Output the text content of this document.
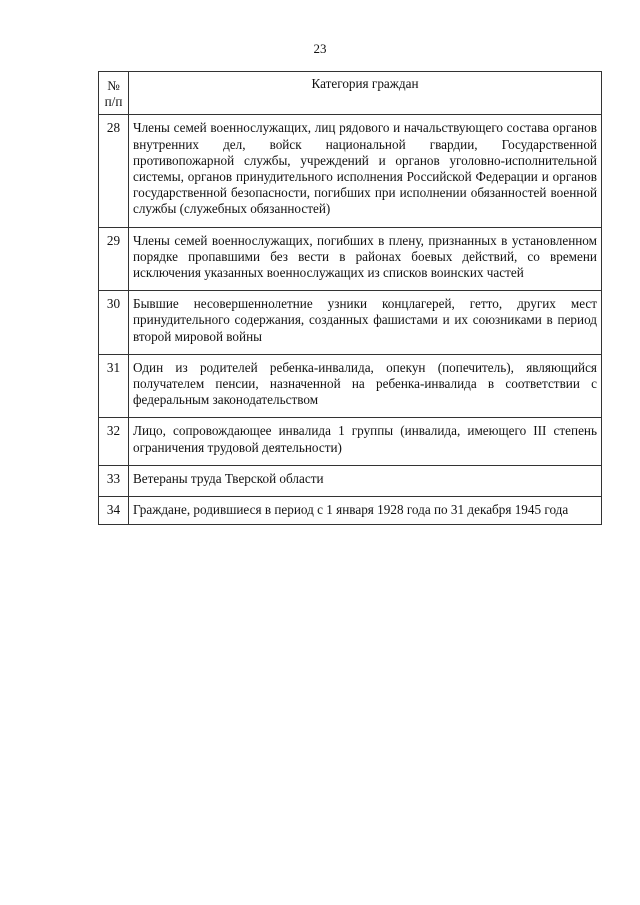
23
№
п/п	Категория граждан
28	Члены семей военнослужащих, лиц рядового и начальствующего состава органов внутренних дел, войск национальной гвардии, Государственной противопожарной службы, учреждений и органов уголовно-исполнительной системы, органов принудительного исполнения Российской Федерации и органов государственной безопасности, погибших при исполнении обязанностей военной службы (служебных обязанностей)
29	Члены семей военнослужащих, погибших в плену, признанных в установленном порядке пропавшими без вести в районах боевых действий, со времени исключения указанных военнослужащих из списков воинских частей
30	Бывшие несовершеннолетние узники концлагерей, гетто, других мест принудительного содержания, созданных фашистами и их союзниками в период второй мировой войны
31	Один из родителей ребенка-инвалида, опекун (попечитель), являющийся получателем пенсии, назначенной на ребенка-инвалида в соответствии с федеральным законодательством
32	Лицо, сопровождающее инвалида 1 группы (инвалида, имеющего III степень ограничения трудовой деятельности)
33	Ветераны труда Тверской области
34	Граждане, родившиеся в период с 1 января 1928 года по 31 декабря 1945 года
